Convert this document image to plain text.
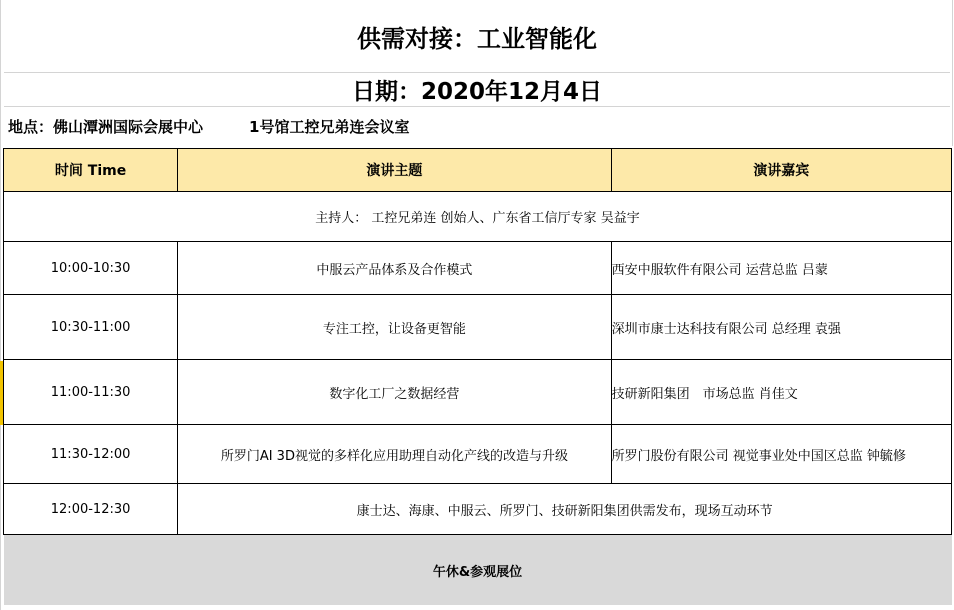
供需对接：工业智能化
日期：2020年12月4日
地点：佛山潭洲国际会展中心	1号馆工控兄弟连会议室
时间 Time	演讲主题	演讲嘉宾
主持人： 工控兄弟连 创始人、广东省工信厅专家 吴益宇		
10:00-10:30	中服云产品体系及合作模式	西安中服软件有限公司 运营总监 吕蒙
10:30-11:00	专注工控，让设备更智能	深圳市康士达科技有限公司 总经理 袁强
11:00-11:30	数字化工厂之数据经营	技研新阳集团　市场总监 肖佳文
11:30-12:00	所罗门AI 3D视觉的多样化应用助理自动化产线的改造与升级	所罗门股份有限公司 视觉事业处中国区总监 钟毓修
12:00-12:30	康士达、海康、中服云、所罗门、技研新阳集团供需发布，现场互动环节	
午休&参观展位		
